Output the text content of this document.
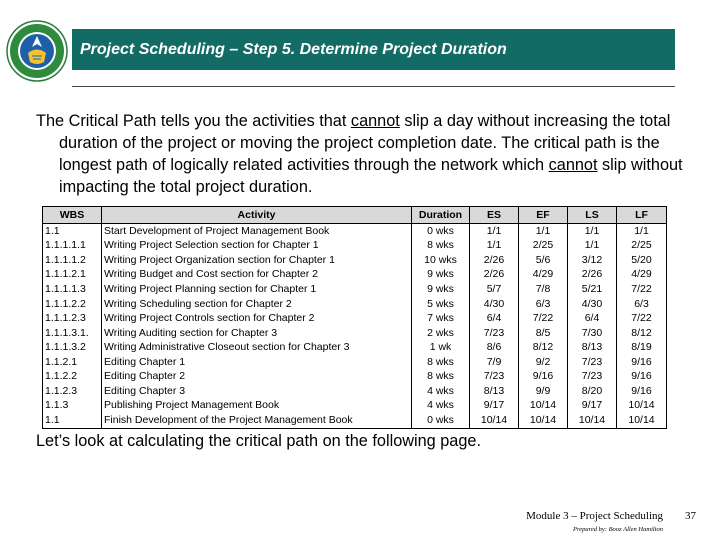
Project Scheduling – Step 5. Determine Project Duration
The Critical Path tells you the activities that cannot slip a day without increasing the total duration of the project or moving the project completion date. The critical path is the longest path of logically related activities through the network which cannot slip without impacting the total project duration.
WBS	Activity	Duration	ES	EF	LS	LF
1.1	Start Development of Project Management Book	0 wks	1/1	1/1	1/1	1/1
1.1.1.1.1	Writing Project Selection section for Chapter 1	8 wks	1/1	2/25	1/1	2/25
1.1.1.1.2	Writing Project Organization section for Chapter 1	10 wks	2/26	5/6	3/12	5/20
1.1.1.2.1	Writing Budget and Cost section for Chapter 2	9 wks	2/26	4/29	2/26	4/29
1.1.1.1.3	Writing Project Planning section for Chapter 1	9 wks	5/7	7/8	5/21	7/22
1.1.1.2.2	Writing Scheduling section for Chapter 2	5 wks	4/30	6/3	4/30	6/3
1.1.1.2.3	Writing Project Controls section for Chapter 2	7 wks	6/4	7/22	6/4	7/22
1.1.1.3.1.	Writing Auditing section for Chapter 3	2 wks	7/23	8/5	7/30	8/12
1.1.1.3.2	Writing Administrative Closeout section for Chapter 3	1 wk	8/6	8/12	8/13	8/19
1.1.2.1	Editing Chapter 1	8 wks	7/9	9/2	7/23	9/16
1.1.2.2	Editing Chapter 2	8 wks	7/23	9/16	7/23	9/16
1.1.2.3	Editing Chapter 3	4 wks	8/13	9/9	8/20	9/16
1.1.3	Publishing Project Management Book	4 wks	9/17	10/14	9/17	10/14
1.1	Finish Development of the Project Management Book	0 wks	10/14	10/14	10/14	10/14
Let’s look at calculating the critical path on the following page.
Module 3 – Project Scheduling
Prepared by: Booz Allen Hamilton
37
